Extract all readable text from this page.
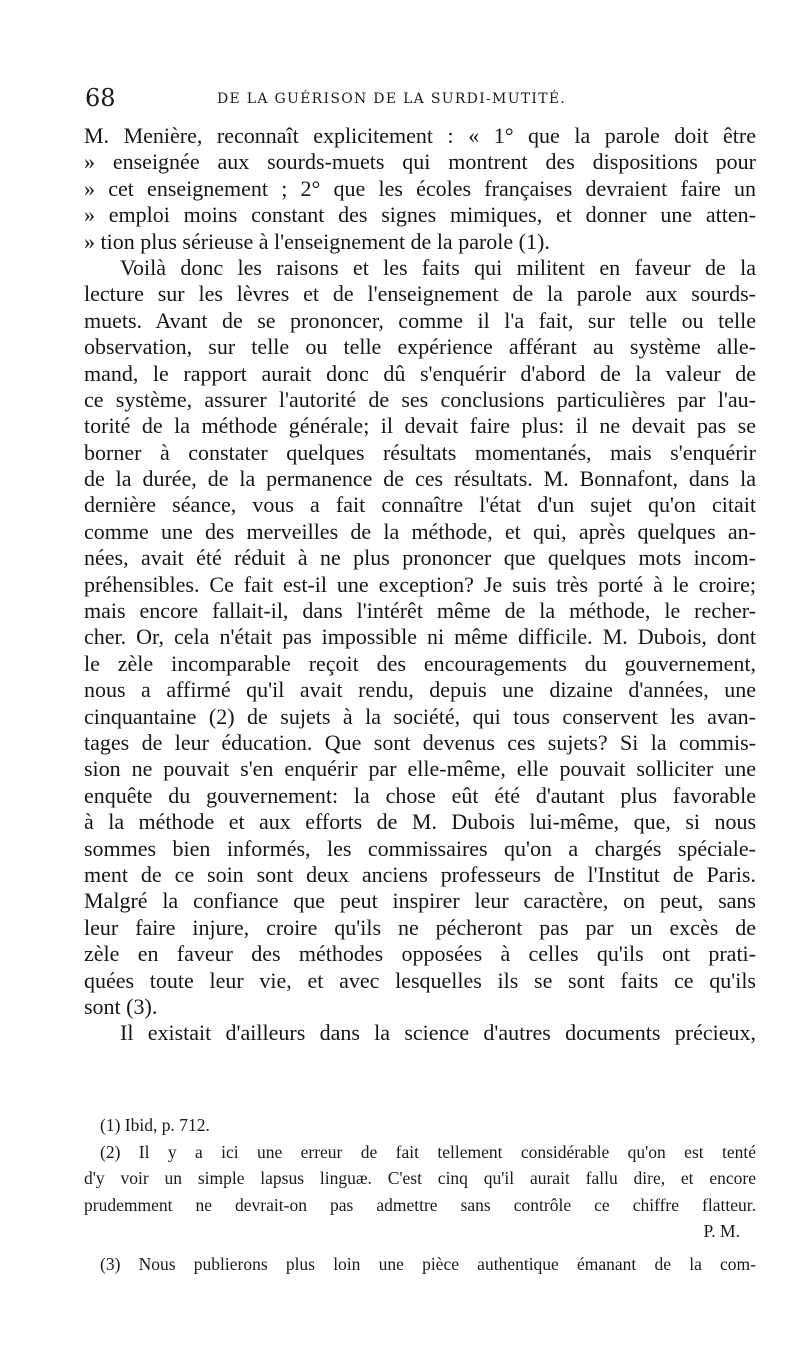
68	DE LA GUÉRISON DE LA SURDI-MUTITÉ.
M. Menière, reconnaît explicitement : « 1° que la parole doit être
» enseignée aux sourds-muets qui montrent des dispositions pour
» cet enseignement ; 2° que les écoles françaises devraient faire un
» emploi moins constant des signes mimiques, et donner une atten-
» tion plus sérieuse à l'enseignement de la parole (1).
Voilà donc les raisons et les faits qui militent en faveur de la
lecture sur les lèvres et de l'enseignement de la parole aux sourds-
muets. Avant de se prononcer, comme il l'a fait, sur telle ou telle
observation, sur telle ou telle expérience afférant au système alle-
mand, le rapport aurait donc dû s'enquérir d'abord de la valeur de
ce système, assurer l'autorité de ses conclusions particulières par l'au-
torité de la méthode générale; il devait faire plus: il ne devait pas se
borner à constater quelques résultats momentanés, mais s'enquérir
de la durée, de la permanence de ces résultats. M. Bonnafont, dans la
dernière séance, vous a fait connaître l'état d'un sujet qu'on citait
comme une des merveilles de la méthode, et qui, après quelques an-
nées, avait été réduit à ne plus prononcer que quelques mots incom-
préhensibles. Ce fait est-il une exception? Je suis très porté à le croire;
mais encore fallait-il, dans l'intérêt même de la méthode, le recher-
cher. Or, cela n'était pas impossible ni même difficile. M. Dubois, dont
le zèle incomparable reçoit des encouragements du gouvernement,
nous a affirmé qu'il avait rendu, depuis une dizaine d'années, une
cinquantaine (2) de sujets à la société, qui tous conservent les avan-
tages de leur éducation. Que sont devenus ces sujets? Si la commis-
sion ne pouvait s'en enquérir par elle-même, elle pouvait solliciter une
enquête du gouvernement: la chose eût été d'autant plus favorable
à la méthode et aux efforts de M. Dubois lui-même, que, si nous
sommes bien informés, les commissaires qu'on a chargés spéciale-
ment de ce soin sont deux anciens professeurs de l'Institut de Paris.
Malgré la confiance que peut inspirer leur caractère, on peut, sans
leur faire injure, croire qu'ils ne pécheront pas par un excès de
zèle en faveur des méthodes opposées à celles qu'ils ont prati-
quées toute leur vie, et avec lesquelles ils se sont faits ce qu'ils
sont (3).
Il existait d'ailleurs dans la science d'autres documents précieux,
(1) Ibid, p. 712.
(2) Il y a ici une erreur de fait tellement considérable qu'on est tenté
d'y voir un simple lapsus linguæ. C'est cinq qu'il aurait fallu dire, et encore
prudemment ne devrait-on pas admettre sans contrôle ce chiffre flatteur.
P. M.
(3) Nous publierons plus loin une pièce authentique émanant de la com-
